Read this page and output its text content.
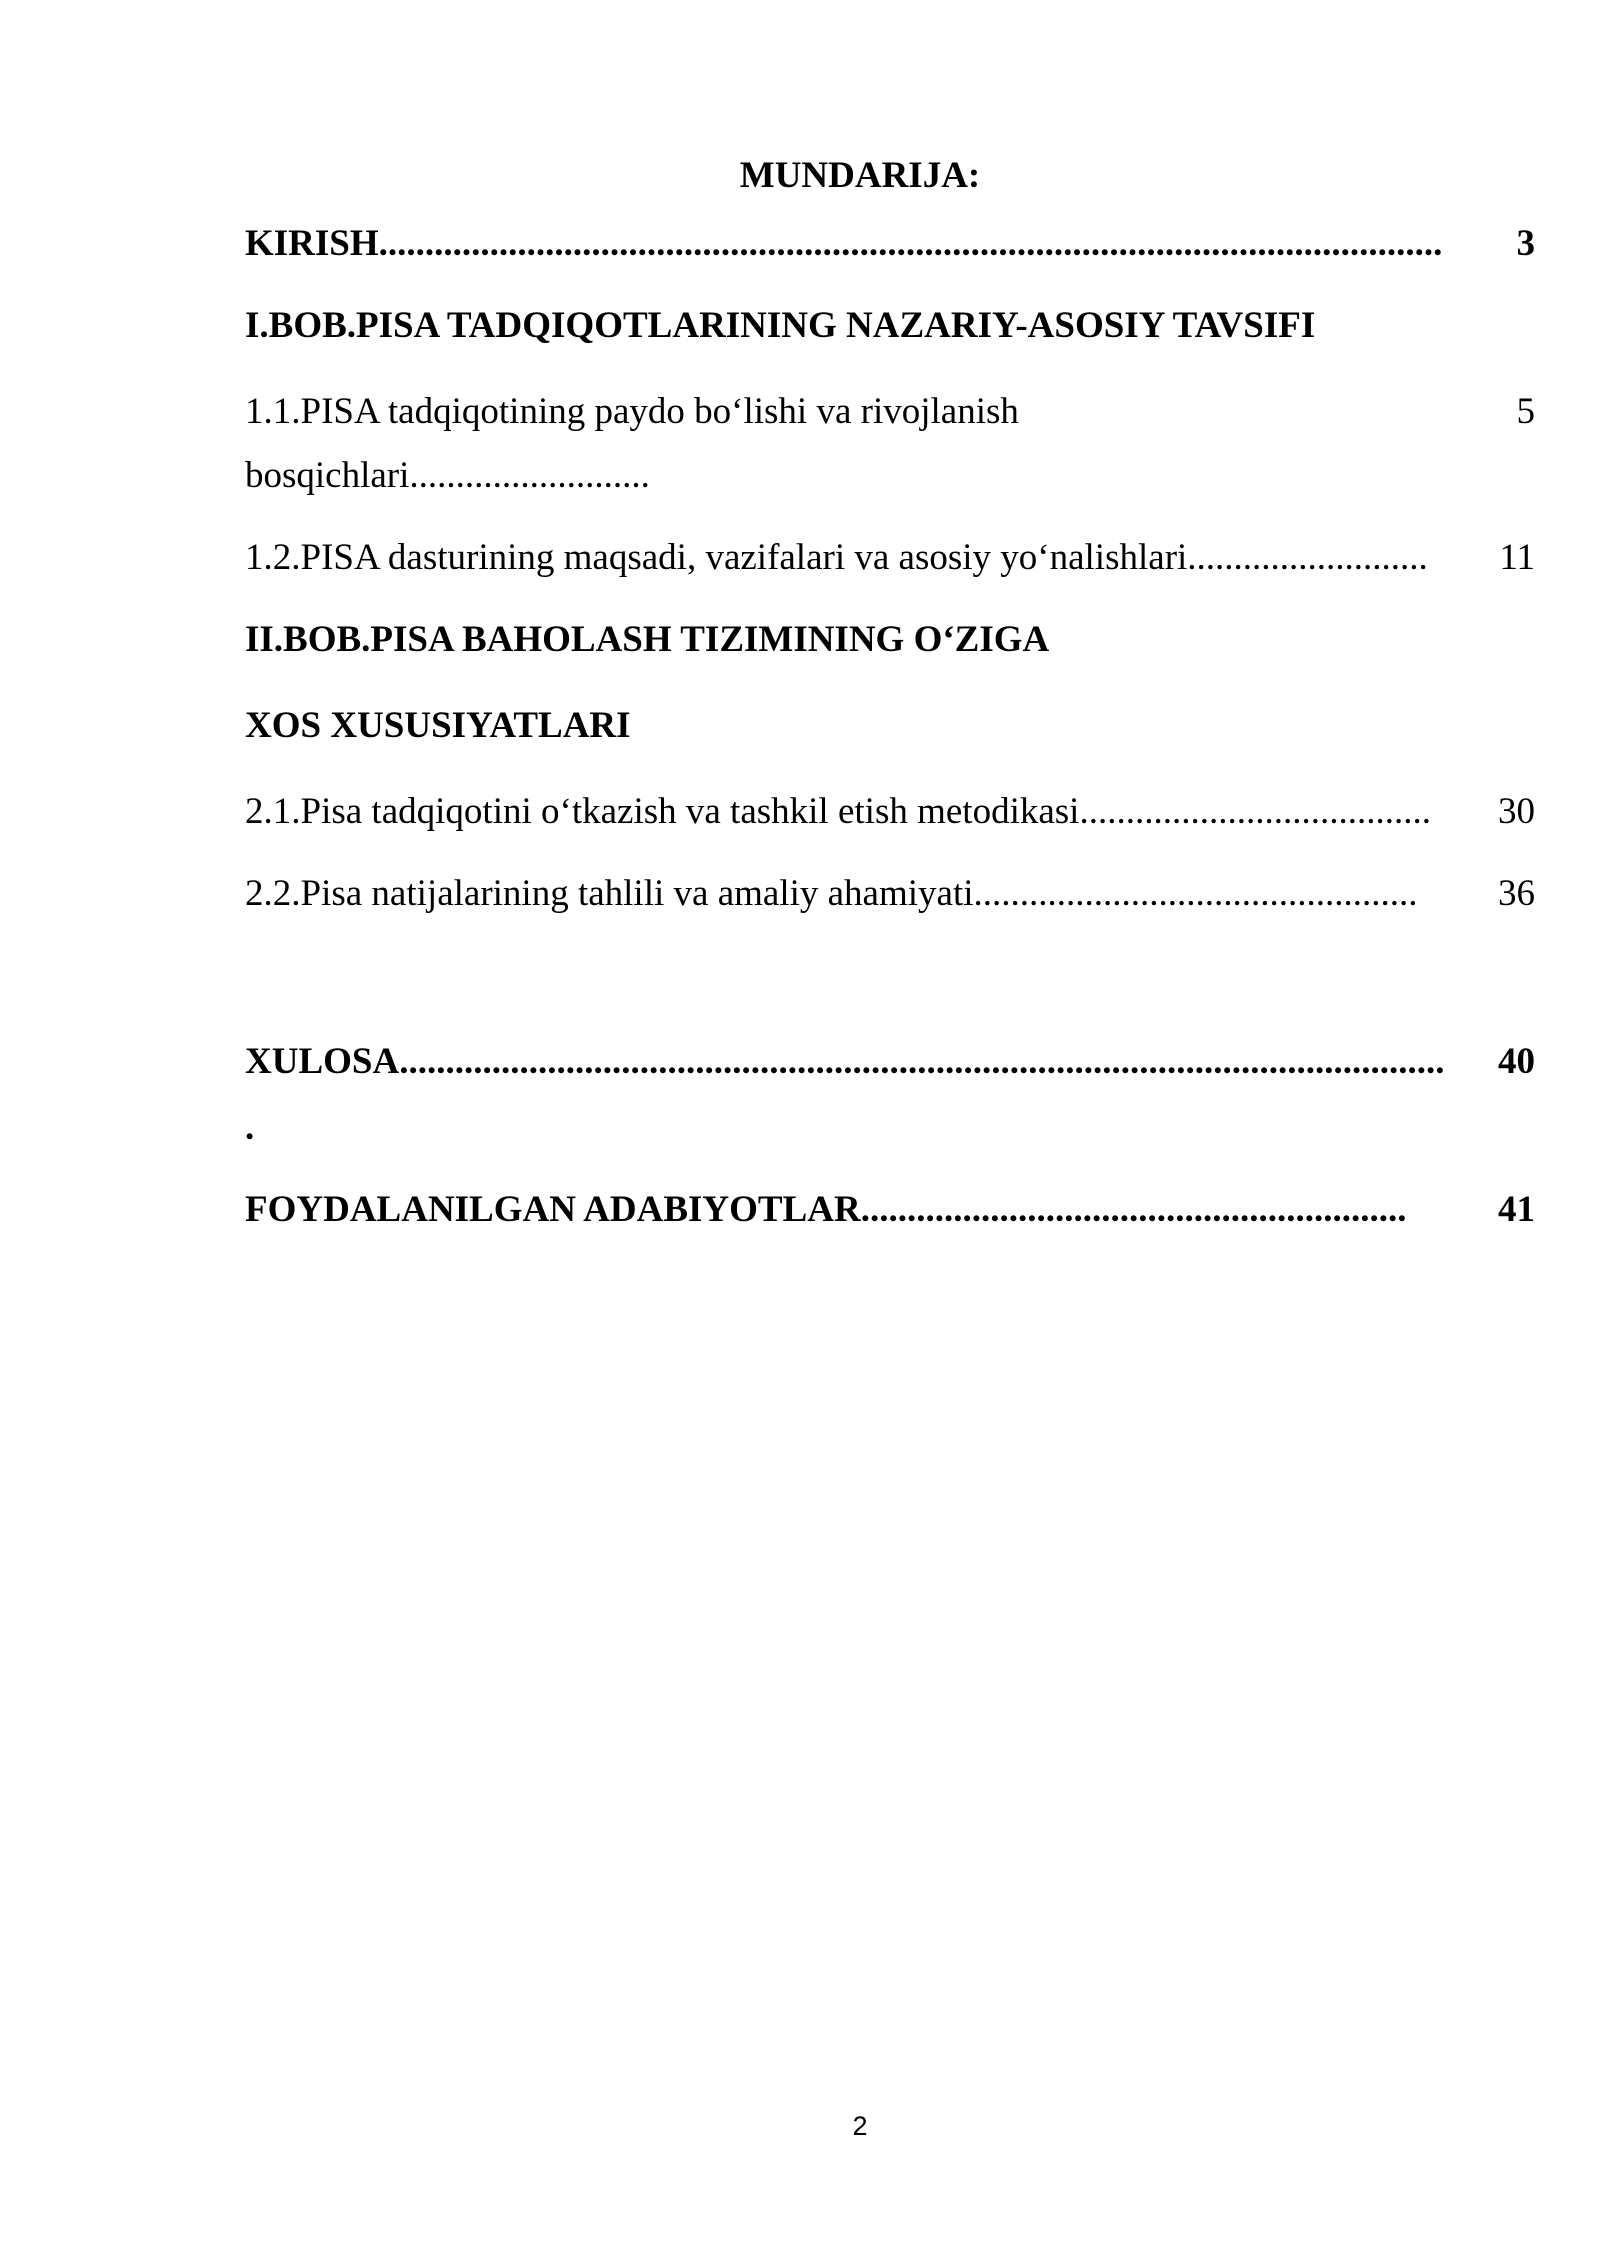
MUNDARIJA:
KIRISH...................................................................................................................	3
I.BOB.PISA TADQIQOTLARINING NAZARIY-ASOSIY TAVSIFI
1.1.PISA tadqiqotining paydo bo‘lishi va rivojlanish	5
bosqichlari..........................
1.2.PISA dasturining maqsadi, vazifalari va asosiy yo‘nalishlari..........................	11
II.BOB.PISA BAHOLASH TIZIMINING O‘ZIGA
XOS XUSUSIYATLARI
2.1.Pisa tadqiqotini o‘tkazish va tashkil etish metodikasi......................................	30
2.2.Pisa natijalarining tahlili va amaliy ahamiyati................................................	36
XULOSA.................................................................................................................	40
.
FOYDALANILGAN ADABIYOTLAR...........................................................	41
2
